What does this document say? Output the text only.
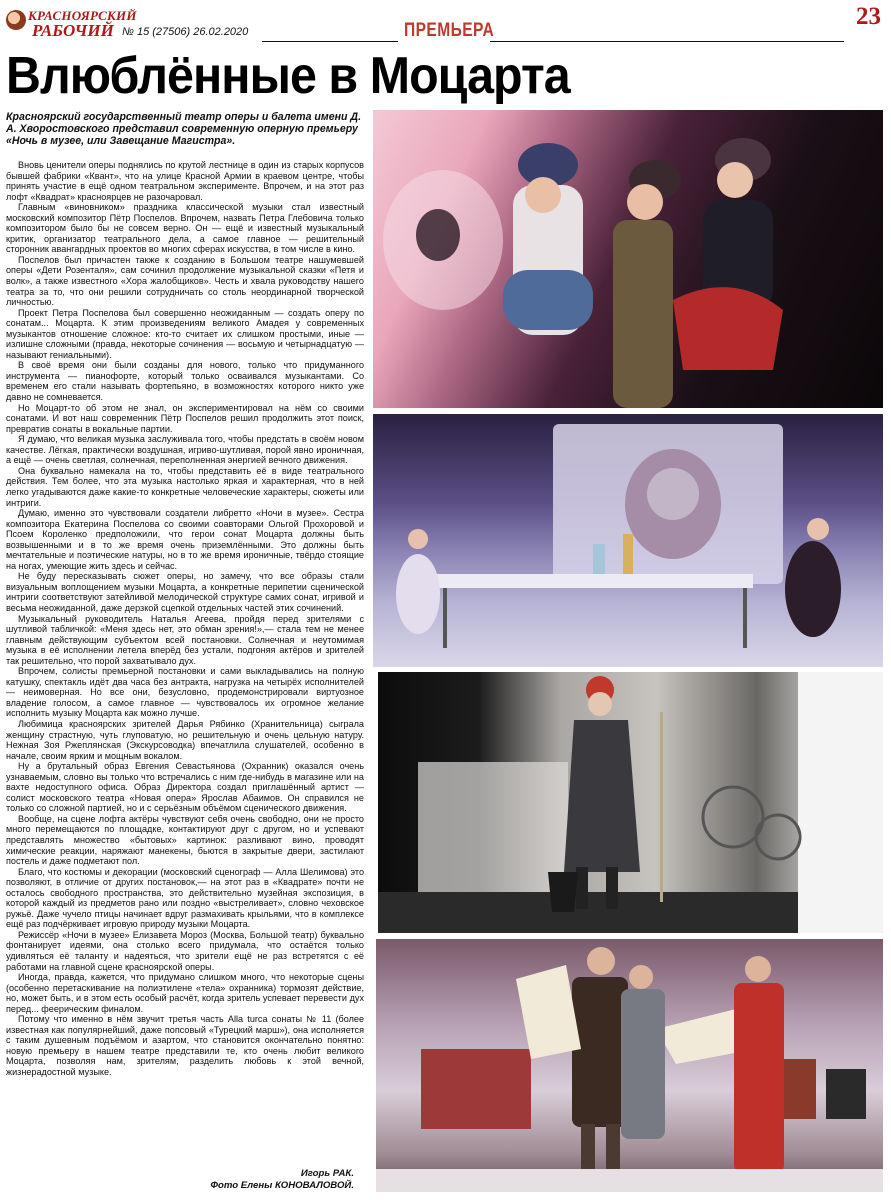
КРАСНОЯРСКИЙ
РАБОЧИЙ № 15 (27506) 26.02.2020	ПРЕМЬЕРА
23
Влюблённые в Моцарта
Красноярский государственный театр оперы и балета имени Д. А. Хворостовского представил современную оперную премьеру «Ночь в музее, или Завещание Магистра».

Вновь ценители оперы поднялись по крутой лестнице в один из старых корпусов бывшей фабрики «Квант», что на улице Красной Армии в краевом центре, чтобы принять участие в ещё одном театральном эксперименте. Впрочем, и на этот раз лофт «Квадрат» красноярцев не разочаровал.

Главным «виновником» праздника классической музыки стал известный московский композитор Пётр Поспелов. Впрочем, назвать Петра Глебовича только композитором было бы не совсем верно. Он — ещё и известный музыкальный критик, организатор театрального дела, а самое главное — решительный сторонник авангардных проектов во многих сферах искусства, в том числе в кино.

Поспелов был причастен также к созданию в Большом театре нашумевшей оперы «Дети Розенталя», сам сочинил продолжение музыкальной сказки «Петя и волк», а также известного «Хора жалобщиков». Честь и хвала руководству нашего театра за то, что они решили сотрудничать со столь неординарной творческой личностью.

Проект Петра Поспелова был совершенно неожиданным — создать оперу по сонатам... Моцарта. К этим произведениям великого Амадея у современных музыкантов отношение сложное: кто-то считает их слишком простыми, иные — излишне сложными (правда, некоторые сочинения — восьмую и четырнадцатую — называют гениальными).

В своё время они были созданы для нового, только что придуманного инструмента — пианофорте, который только осваивался музыкантами. Со временем его стали называть фортепьяно, в возможностях которого никто уже давно не сомневается.

Но Моцарт-то об этом не знал, он экспериментировал на нём со своими сонатами. И вот наш современник Пётр Поспелов решил продолжить этот поиск, превратив сонаты в вокальные партии.

Я думаю, что великая музыка заслуживала того, чтобы предстать в своём новом качестве. Лёгкая, практически воздушная, игриво-шутливая, порой явно ироничная, а ещё — очень светлая, солнечная, переполненная энергией вечного движения.

Она буквально намекала на то, чтобы представить её в виде театрального действия. Тем более, что эта музыка настолько яркая и характерная, что в ней легко угадываются даже какие-то конкретные человеческие характеры, сюжеты или интриги.

Думаю, именно это чувствовали создатели либретто «Ночи в музее». Сестра композитора Екатерина Поспелова со своими соавторами Ольгой Прохоровой и Псоем Короленко предположили, что герои сонат Моцарта должны быть возвышенными и в то же время очень приземлёнными. Это должны быть мечтательные и поэтические натуры, но в то же время ироничные, твёрдо стоящие на ногах, умеющие жить здесь и сейчас.

Не буду пересказывать сюжет оперы, но замечу, что все образы стали визуальным воплощением музыки Моцарта, а конкретные перипетии сценической интриги соответствуют затейливой мелодической структуре самих сонат, игривой и весьма неожиданной, даже дерзкой сцепкой отдельных частей этих сочинений.

Музыкальный руководитель Наталья Агеева, пройдя перед зрителями с шутливой табличкой: «Меня здесь нет, это обман зрения!»,— стала тем не менее главным действующим субъектом всей постановки. Солнечная и неутомимая музыка в её исполнении летела вперёд без устали, подгоняя актёров и зрителей так решительно, что порой захватывало дух.

Впрочем, солисты премьерной постановки и сами выкладывались на полную катушку, спектакль идёт два часа без антракта, нагрузка на четырёх исполнителей — неимоверная. Но все они, безусловно, продемонстрировали виртуозное владение голосом, а самое главное — чувствовалось их огромное желание исполнить музыку Моцарта как можно лучше.

Любимица красноярских зрителей Дарья Рябинко (Хранительница) сыграла женщину страстную, чуть глуповатую, но решительную и очень цельную натуру. Нежная Зоя Ржеплянская (Экскурсоводка) впечатлила слушателей, особенно в начале, своим ярким и мощным вокалом.

Ну а брутальный образ Евгения Севастьянова (Охранник) оказался очень узнаваемым, словно вы только что встречались с ним где-нибудь в магазине или на вахте недоступного офиса. Образ Директора создал приглашённый артист — солист московского театра «Новая опера» Ярослав Абаимов. Он справился не только со сложной партией, но и с серьёзным объёмом сценического движения.

Вообще, на сцене лофта актёры чувствуют себя очень свободно, они не просто много перемещаются по площадке, контактируют друг с другом, но и успевают представлять множество «бытовых» картинок: разливают вино, проводят химические реакции, наряжают манекены, бьются в закрытые двери, застилают постель и даже подметают пол.

Благо, что костюмы и декорации (московский сценограф — Алла Шелимова) это позволяют, в отличие от других постановок,— на этот раз в «Квадрате» почти не осталось свободного пространства, это действительно музейная экспозиция, в которой каждый из предметов рано или поздно «выстреливает», словно чеховское ружьё. Даже чучело птицы начинает вдруг размахивать крыльями, что в комплексе ещё раз подчёркивает игровую природу музыки Моцарта.

Режиссёр «Ночи в музее» Елизавета Мороз (Москва, Большой театр) буквально фонтанирует идеями, она столько всего придумала, что остаётся только удивляться её таланту и надеяться, что зрители ещё не раз встретятся с её работами на главной сцене красноярской оперы.

Иногда, правда, кажется, что придумано слишком много, что некоторые сцены (особенно перетаскивание на полиэтилене «тела» охранника) тормозят действие, но, может быть, и в этом есть особый расчёт, когда зритель успевает перевести дух перед... феерическим финалом.

Потому что именно в нём звучит третья часть Alla turca сонаты № 11 (более известная как популярнейший, даже попсовый «Турецкий марш»), она исполняется с таким душевным подъёмом и азартом, что становится окончательно понятно: новую премьеру в нашем театре представили те, кто очень любит великого Моцарта, позволяя нам, зрителям, разделить любовь к этой вечной, жизнерадостной музыке.

Игорь РАК.
Фото Елены КОНОВАЛОВОЙ.
